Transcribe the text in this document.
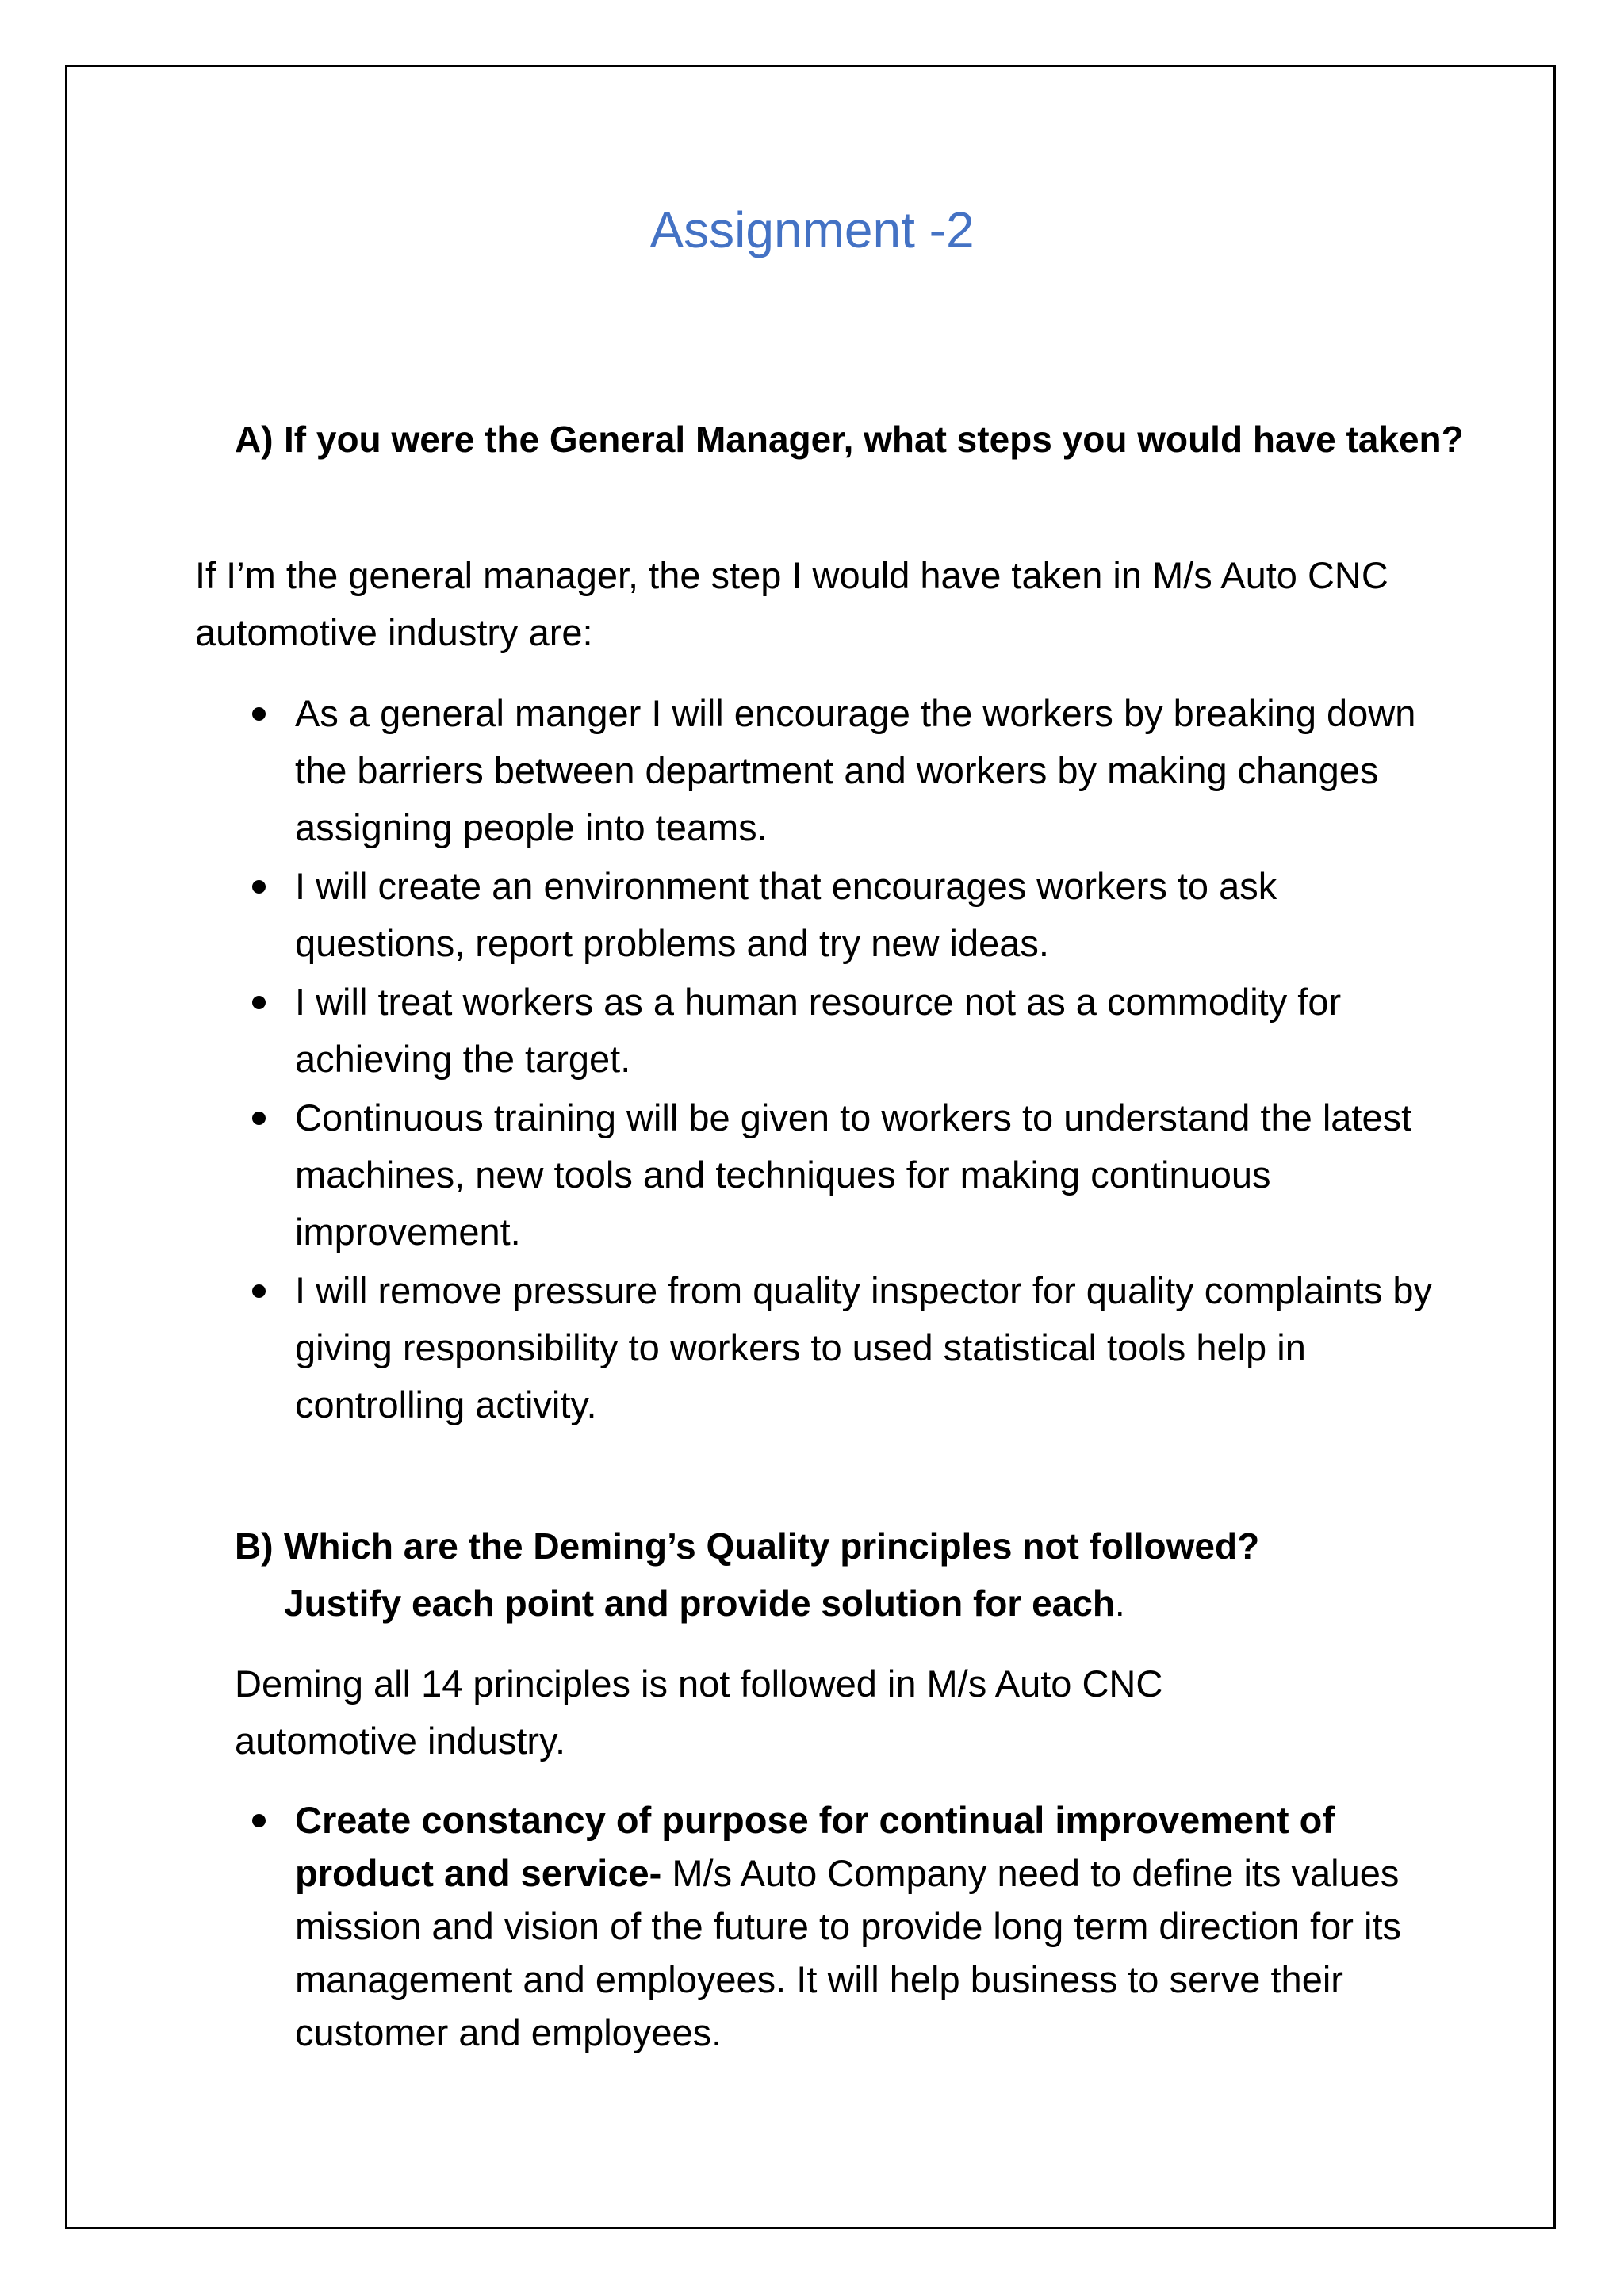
Assignment -2
A) If you were the General Manager, what steps you would have taken?
If I’m the general manager, the step I would have taken in M/s Auto CNC automotive industry are:
As a general manger I will encourage the workers by breaking down the barriers between department and workers by making changes assigning people into teams.
I will create an environment that encourages workers to ask questions, report problems and try new ideas.
I will treat workers as a human resource not as a commodity for achieving the target.
Continuous training will be given to workers to understand the latest machines, new tools and techniques for making continuous improvement.
I will remove pressure from quality inspector for quality complaints by giving responsibility to workers to used statistical tools help in controlling activity.
B) Which are the Deming’s Quality principles not followed?
Justify each point and provide solution for each.
Deming all 14 principles is not followed in M/s Auto CNC automotive industry.
Create constancy of purpose for continual improvement of product and service- M/s Auto Company need to define its values mission and vision of the future to provide long term direction for its management and employees. It will help business to serve their customer and employees.
